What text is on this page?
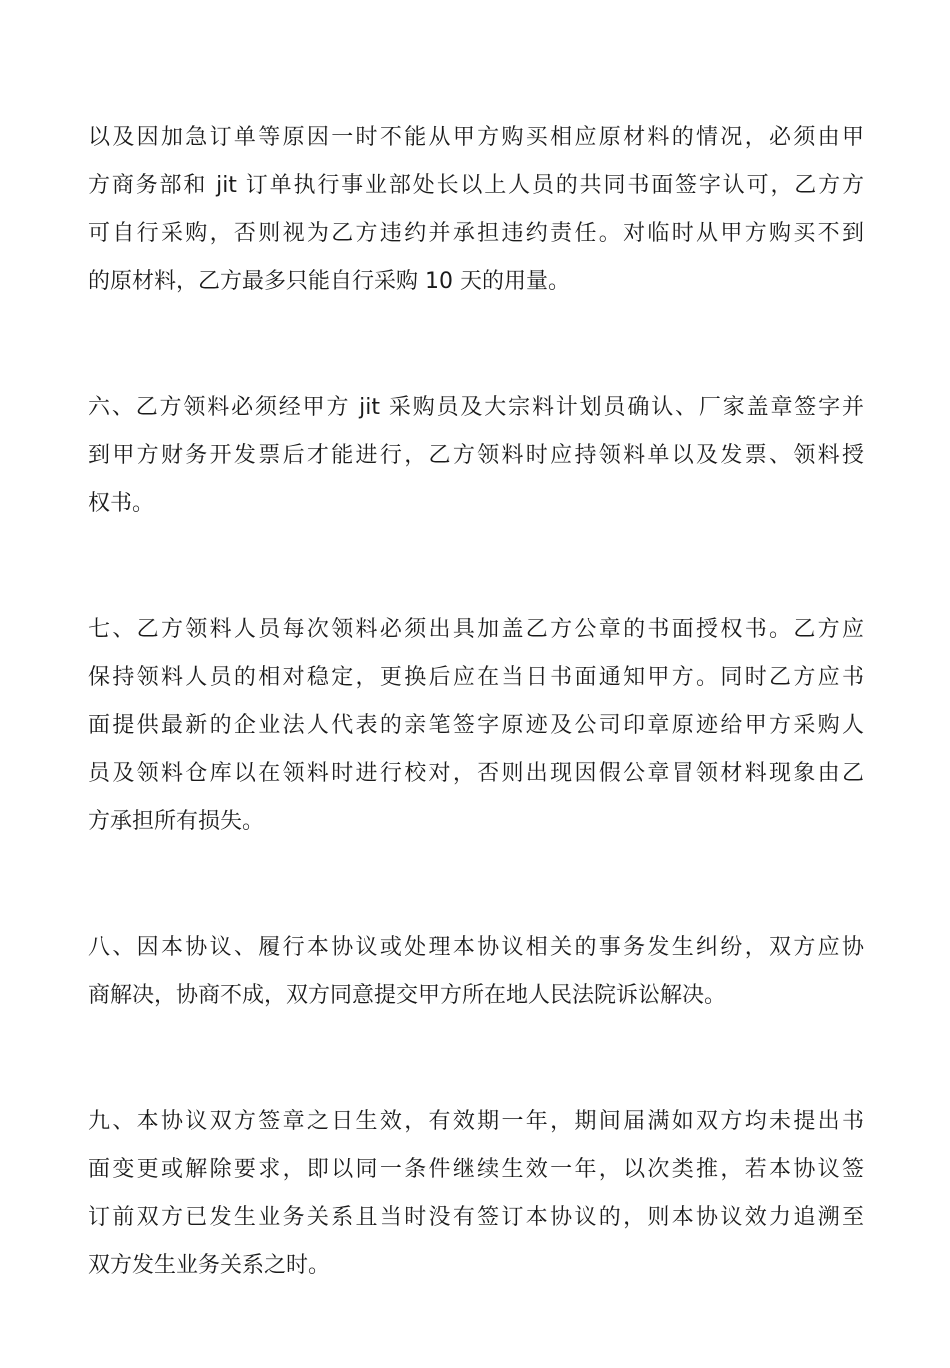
以及因加急订单等原因一时不能从甲方购买相应原材料的情况，必须由甲
方商务部和 jit 订单执行事业部处长以上人员的共同书面签字认可，乙方方
可自行采购，否则视为乙方违约并承担违约责任。对临时从甲方购买不到
的原材料，乙方最多只能自行采购 10 天的用量。
六、乙方领料必须经甲方 jit 采购员及大宗料计划员确认、厂家盖章签字并
到甲方财务开发票后才能进行，乙方领料时应持领料单以及发票、领料授
权书。
七、乙方领料人员每次领料必须出具加盖乙方公章的书面授权书。乙方应
保持领料人员的相对稳定，更换后应在当日书面通知甲方。同时乙方应书
面提供最新的企业法人代表的亲笔签字原迹及公司印章原迹给甲方采购人
员及领料仓库以在领料时进行校对，否则出现因假公章冒领材料现象由乙
方承担所有损失。
八、因本协议、履行本协议或处理本协议相关的事务发生纠纷，双方应协
商解决，协商不成，双方同意提交甲方所在地人民法院诉讼解决。
九、本协议双方签章之日生效，有效期一年，期间届满如双方均未提出书
面变更或解除要求，即以同一条件继续生效一年，以次类推，若本协议签
订前双方已发生业务关系且当时没有签订本协议的，则本协议效力追溯至
双方发生业务关系之时。
